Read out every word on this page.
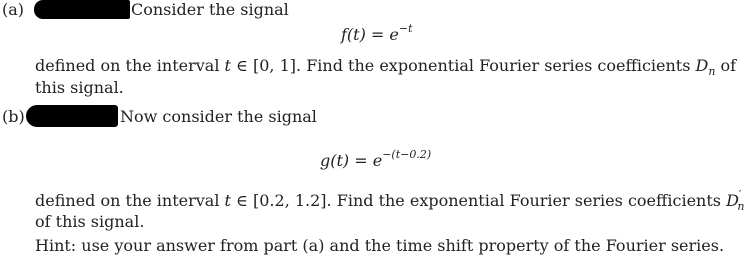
(a)	Consider the signal
$f(t) = e^{-t}$
defined on the interval t ∈ [0, 1]. Find the exponential Fourier series coefficients $D_n$ of
this signal.
(b)	Now consider the signal
$g(t) = e^{-(t-0.2)}$
defined on the interval t ∈ [0.2, 1.2]. Find the exponential Fourier series coefficients $D'_n$
of this signal.
Hint: use your answer from part (a) and the time shift property of the Fourier series.
